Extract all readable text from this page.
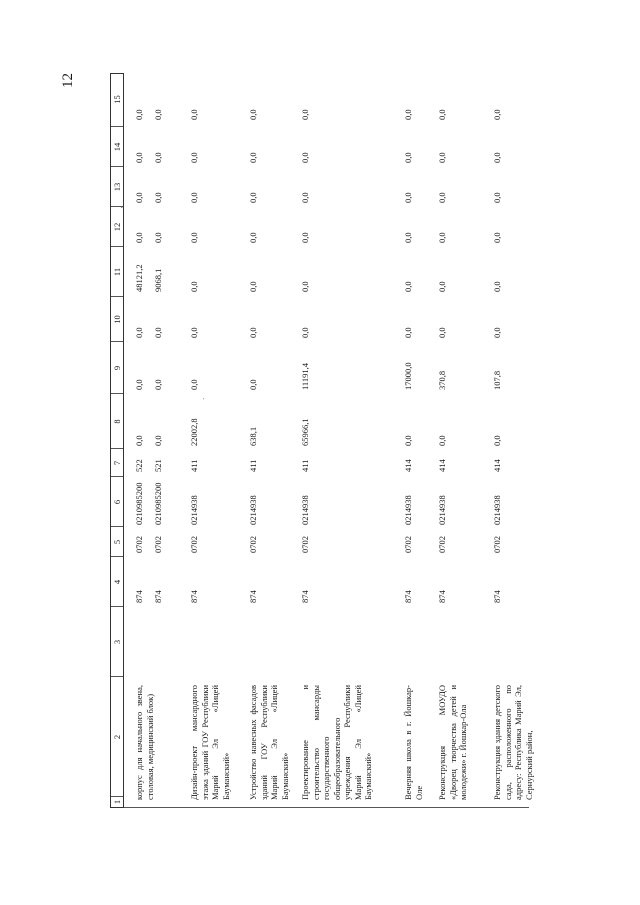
12
1
2
3
4
5
6
7
8
9
10
11
12
13
14
15
корпус для начального звена, столовая, медицинский блок)
874
0702
0210985200
522
0,0
0,0
0,0
48121,2
0,0
0,0
0,0
0,0
874
0702
0210985200
521
0,0
0,0
0,0
9068,1
0,0
0,0
0,0
0,0
Дизайн-проект мансардного этажа зданий ГОУ Республики Марий Эл «Лицей Бауманский»
874
0702
0214938
411
22002,8
0,0
0,0
0,0
0,0
0,0
0,0
0,0
Устройство навесных фасадов зданий ГОУ Республики Марий Эл «Лицей Бауманский»
874
0702
0214938
411
638,1
0,0
0,0
0,0
0,0
0,0
0,0
0,0
Проектирование и строительство мансарды государственного общеобразовательного учреждения Республики Марий Эл «Лицей Бауманский»
874
0702
0214938
411
65966,1
11191,4
0,0
0,0
0,0
0,0
0,0
0,0
Вечерняя школа в г. Йошкар-Оле
874
0702
0214938
414
0,0
17000,0
0,0
0,0
0,0
0,0
0,0
0,0
Реконструкция МОУДО «Дворец творчества детей и молодежи» г. Йошкар-Ола
874
0702
0214938
414
0,0
370,8
0,0
0,0
0,0
0,0
0,0
0,0
Реконструкция здания детского сада, расположенного по адресу: Республика Марий Эл, Сернурский район,
874
0702
0214938
414
0,0
107,8
0,0
0,0
0,0
0,0
0,0
0,0
·
'
